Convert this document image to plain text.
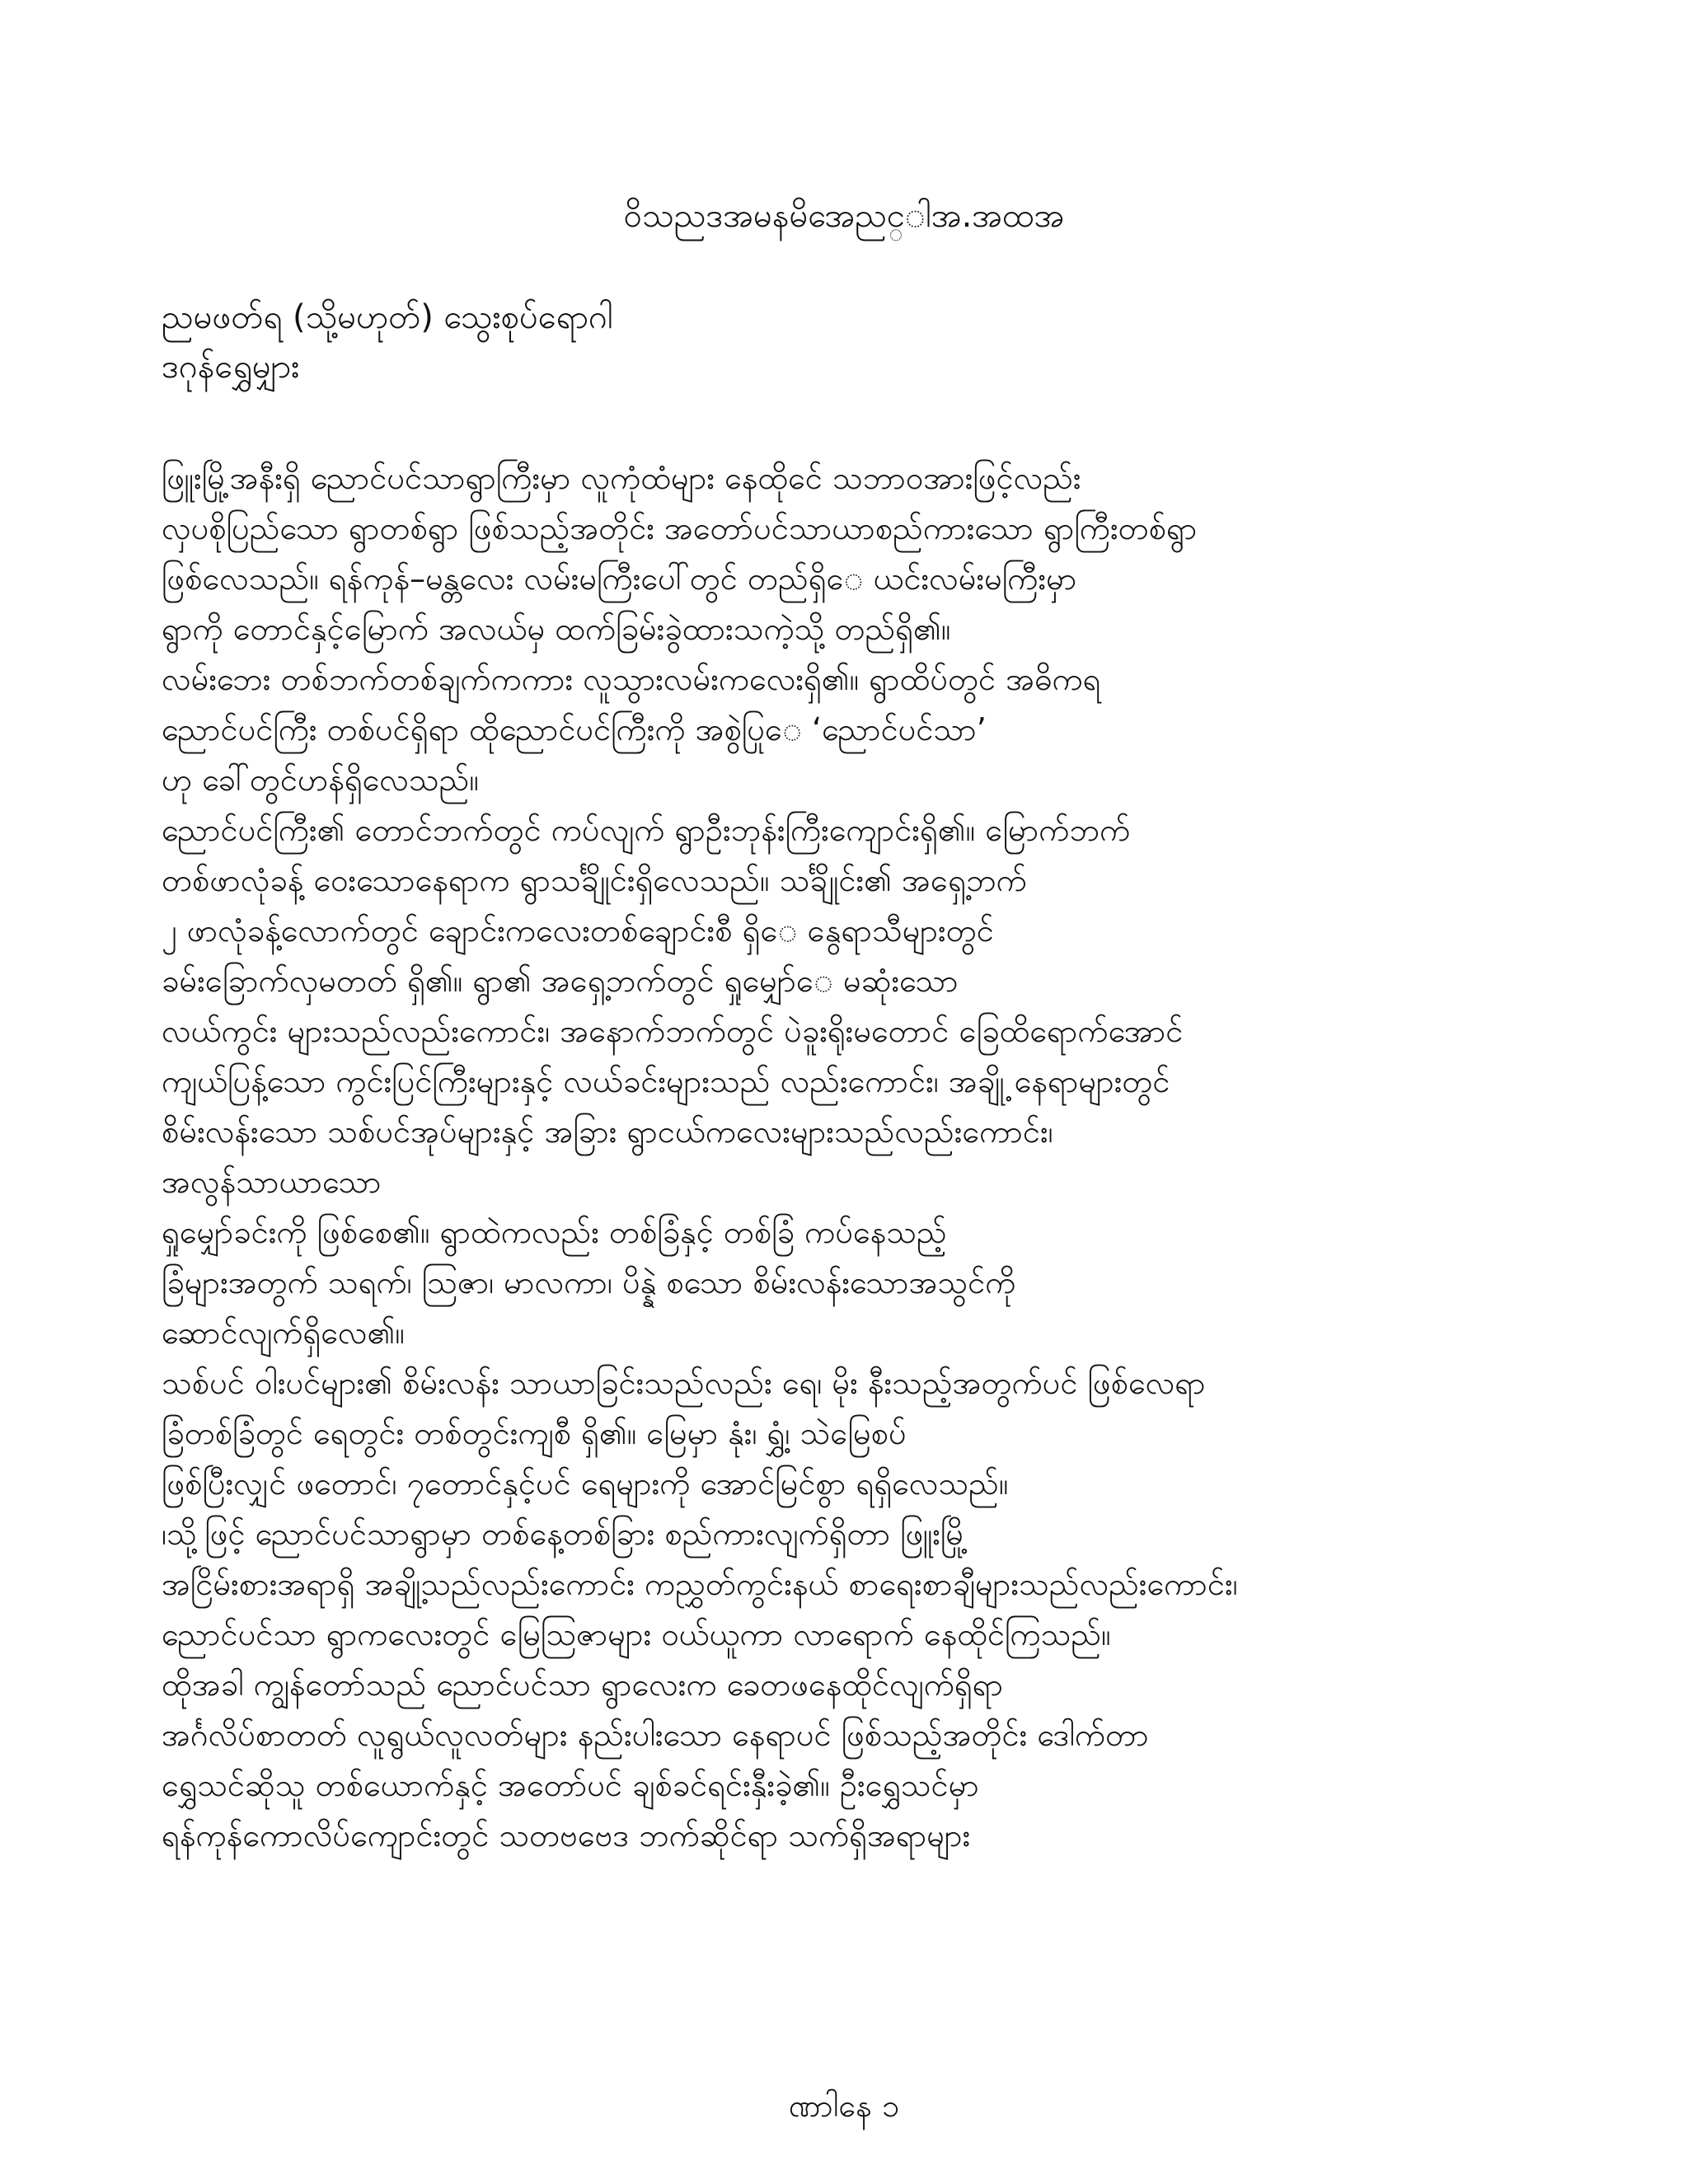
ဝိသညဒအမနမိအေညင္ါအ.အထအ
ညမဖတ်ရ (သို့မဟုတ်) သွေးစုပ်ရောဂါ
ဒဂုန်ရွှေမျှား
ဖြူးမြို့အနီးရှိ ညောင်ပင်သာရွာကြီးမှာ လူကုံထံများ နေထိုင်ေ သဘာဝအားဖြင့်လည်း
လှပစိုပြည်သော ရွာတစ်ရွာ ဖြစ်သည့်အတိုင်း အတော်ပင်သာယာစည်ကားသော ရွာကြီးတစ်ရွာ
ဖြစ်လေသည်။ ရန်ကုန်–မန္တလေး လမ်းမကြီးပေါ်တွင် တည်ရှိေ ယင်းလမ်းမကြီးမှာ
ရွာကို တောင်နှင့်မြောက် အလယ်မှ ထက်ခြမ်းခွဲထားသကဲ့သို့ တည်ရှိ၏။
လမ်းဘေး တစ်ဘက်တစ်ချက်ကကား လူသွားလမ်းကလေးရှိ၏။ ရွာထိပ်တွင် အဓိကရ
ညောင်ပင်ကြီး တစ်ပင်ရှိရာ ထိုညောင်ပင်ကြီးကို အစွဲပြုေ ‘ညောင်ပင်သာ’
ဟု ခေါ်တွင်ဟန်ရှိလေသည်။
ညောင်ပင်ကြီး၏ တောင်ဘက်တွင် ကပ်လျက် ရွာဦးဘုန်းကြီးကျောင်းရှိ၏။ မြောက်ဘက်
တစ်ဖာလုံခန့် ဝေးသောနေရာက ရွာသင်္ချိုင်းရှိလေသည်။ သင်္ချိုင်း၏ အရှေ့ဘက်
၂ ဖာလုံခန့်လောက်တွင် ချောင်းကလေးတစ်ချောင်းစီ ရှိေ နွေရာသီများတွင်
ခမ်းခြောက်လှမတတ် ရှိ၏။ ရွာ၏ အရှေ့ဘက်တွင် ရှုမျှော်ေ မဆုံးသော
လယ်ကွင်း များသည်လည်းကောင်း၊ အနောက်ဘက်တွင် ပဲခူးရိုးမတောင် ခြေထိရောက်အောင်
ကျယ်ပြန့်သော ကွင်းပြင်ကြီးများနှင့် လယ်ခင်းများသည် လည်းကောင်း၊ အချို့ နေရာများတွင်
စိမ်းလန်းသော သစ်ပင်အုပ်များနှင့် အခြား ရွာငယ်ကလေးများသည်လည်းကောင်း၊
အလွန်သာယာသော
ရှုမျှော်ခင်းကို ဖြစ်စေ၏။ ရွာထဲကလည်း တစ်ခြံနှင့် တစ်ခြံ ကပ်နေသည့်
ခြံများအတွက် သရက်၊ သြဇာ၊ မာလကာ၊ ပိန္နဲ စသော စိမ်းလန်းသောအသွင်ကို
ဆောင်လျက်ရှိလေ၏။
သစ်ပင် ဝါးပင်များ၏ စိမ်းလန်း သာယာခြင်းသည်လည်း ရေ၊ မိုး နီးသည့်အတွက်ပင် ဖြစ်လေရာ
ခြံတစ်ခြံတွင် ရေတွင်း တစ်တွင်းကျစီ ရှိ၏။ မြေမှာ နုံး၊ ရွှံ့၊ သဲမြေစပ်
ဖြစ်ပြီးလျှင် ဖတောင်၊ ၇တောင်နှင့်ပင် ရေများကို အောင်မြင်စွာ ရရှိလေသည်။
၊သို့ဖြင့် ညောင်ပင်သာရွာမှာ တစ်နေ့တစ်ခြား စည်ကားလျက်ရှိတာ ဖြူးမြို့
အငြိမ်းစားအရာရှိ အချို့သည်လည်းကောင်း ကညွှတ်ကွင်းနယ် စာရေးစာချီများသည်လည်းကောင်း၊
ညောင်ပင်သာ ရွာကလေးတွင် မြေသြဇာများ ဝယ်ယူကာ လာရောက် နေထိုင်ကြသည်။
ထိုအခါ ကျွန်တော်သည် ညောင်ပင်သာ ရွာလေးက ခေတဖနေထိုင်လျက်ရှိရာ
အင်္ဂလိပ်စာတတ် လူရွယ်လူလတ်များ နည်းပါးသော နေရာပင် ဖြစ်သည့်အတိုင်း ဒေါက်တာ
ရွှေသင်ဆိုသူ တစ်ယောက်နှင့် အတော်ပင် ချစ်ခင်ရင်းနှီးခဲ့၏။ ဦးရွှေသင်မှာ
ရန်ကုန်ကောလိပ်ကျောင်းတွင် သတဗဗေဒ ဘက်ဆိုင်ရာ သက်ရှိအရာများ
ဏာါနေ ၁
